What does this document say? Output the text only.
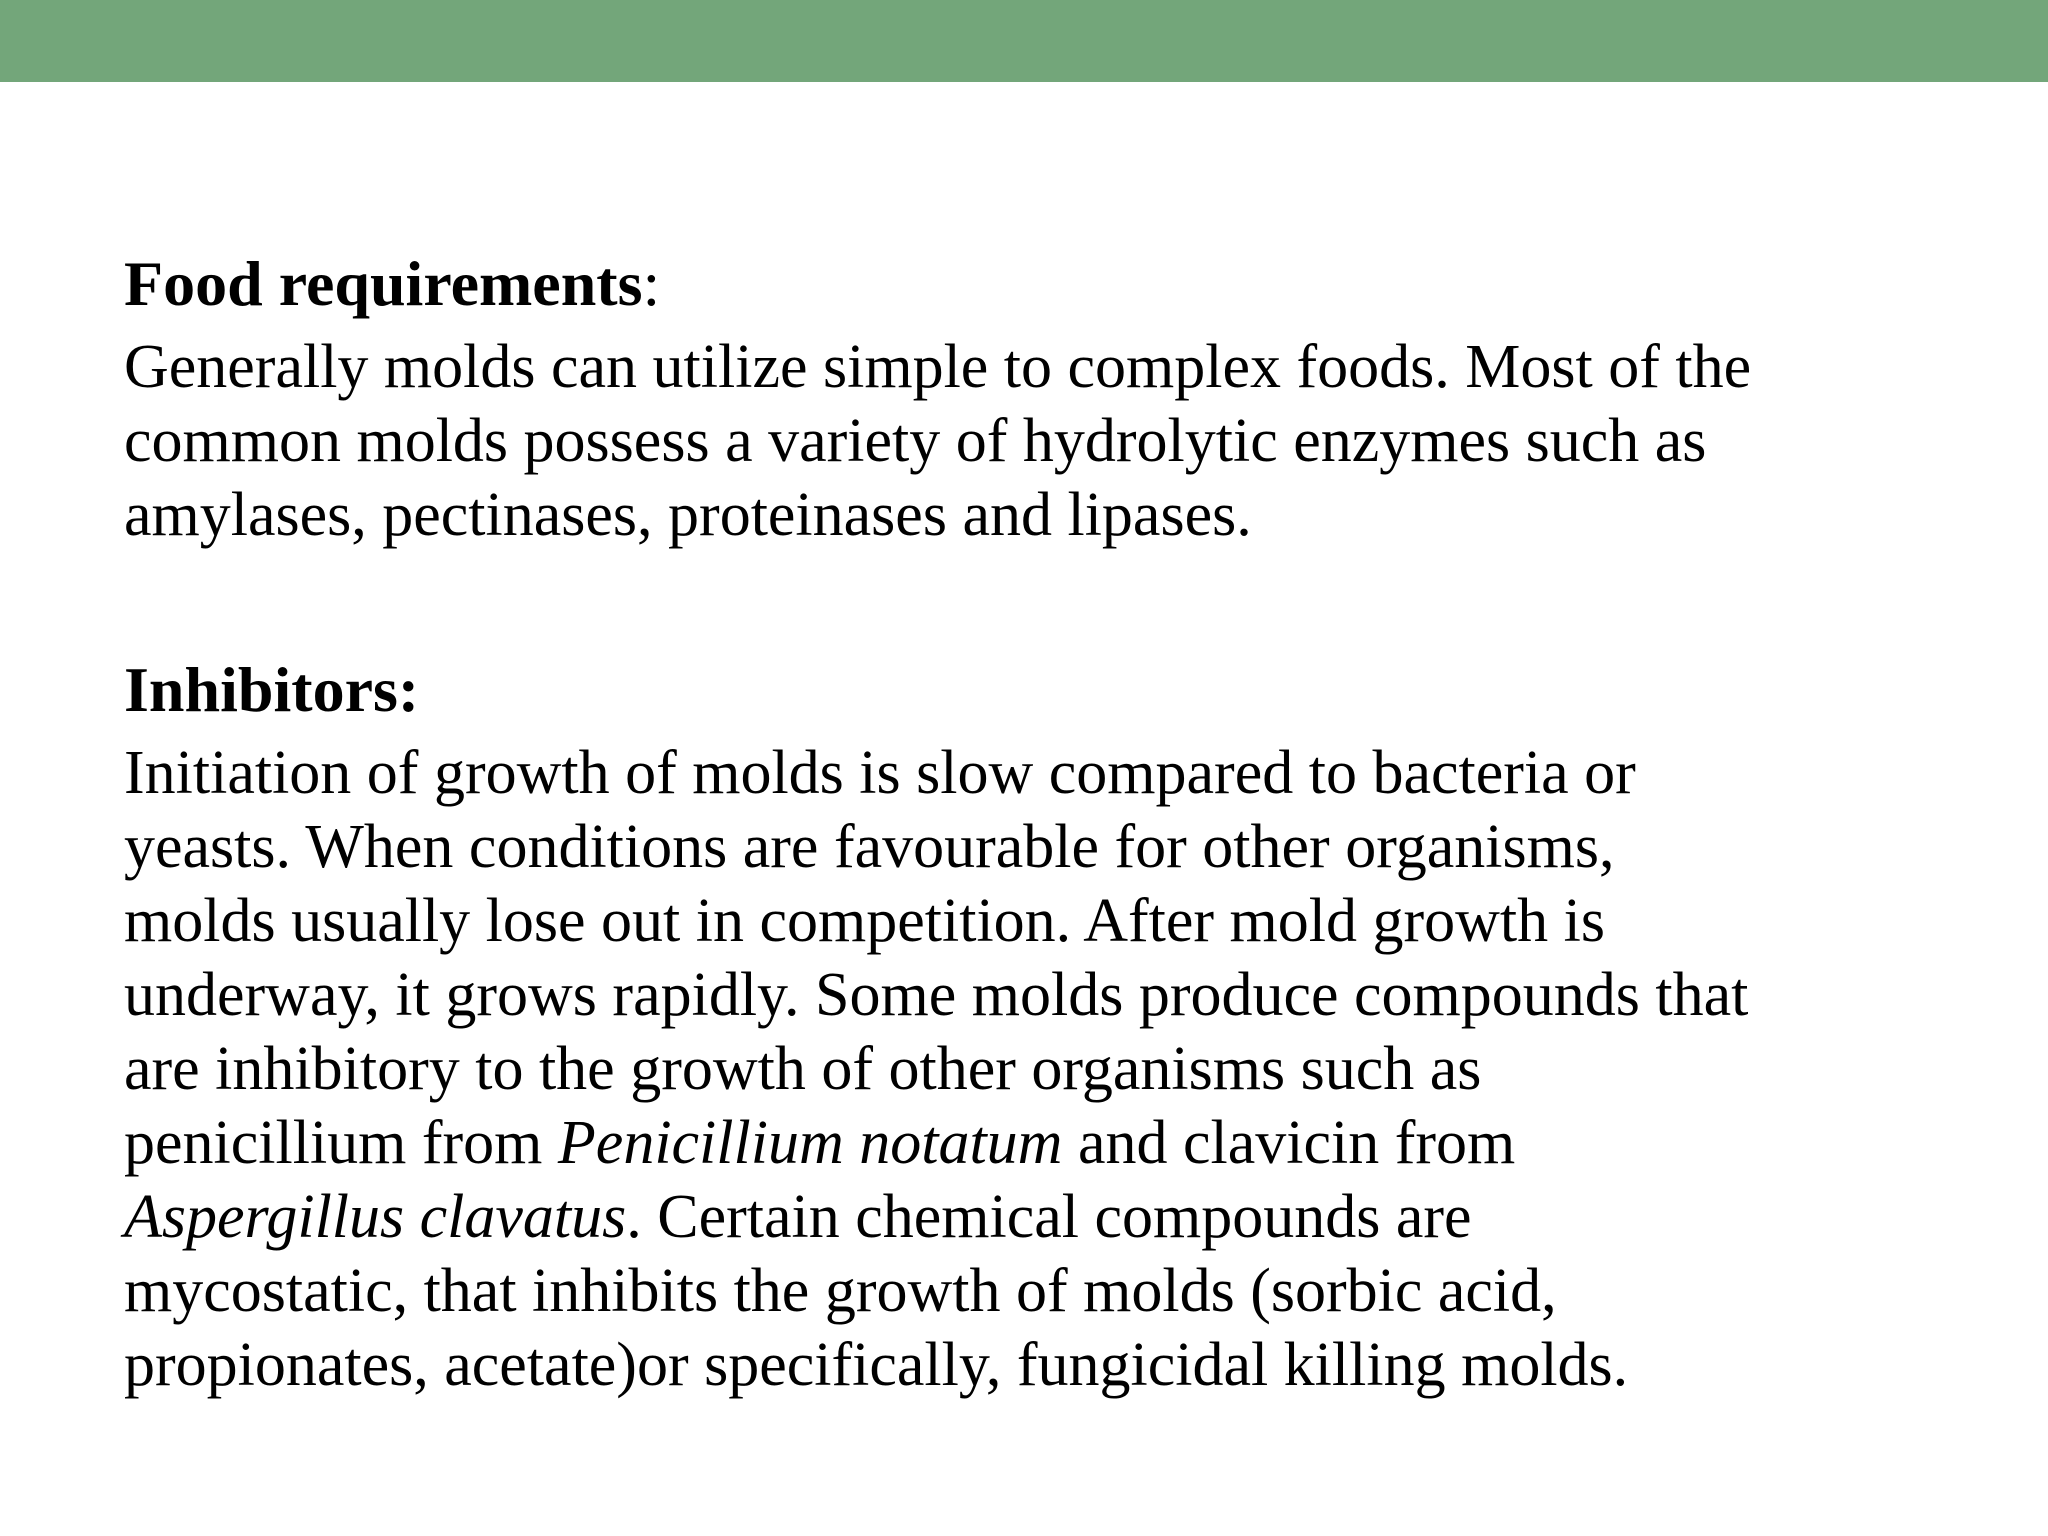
Food requirements:

Generally molds can utilize simple to complex foods. Most of the
common molds possess a variety of hydrolytic enzymes such as
amylases, pectinases, proteinases and lipases.

Inhibitors:

Initiation of growth of molds is slow compared to bacteria or
yeasts. When conditions are favourable for other organisms,
molds usually lose out in competition. After mold growth is
underway, it grows rapidly. Some molds produce compounds that
are inhibitory to the growth of other organisms such as
penicillium from Penicillium notatum and clavicin from
Aspergillus clavatus. Certain chemical compounds are
mycostatic, that inhibits the growth of molds (sorbic acid,
propionates, acetate)or specifically, fungicidal killing molds.
